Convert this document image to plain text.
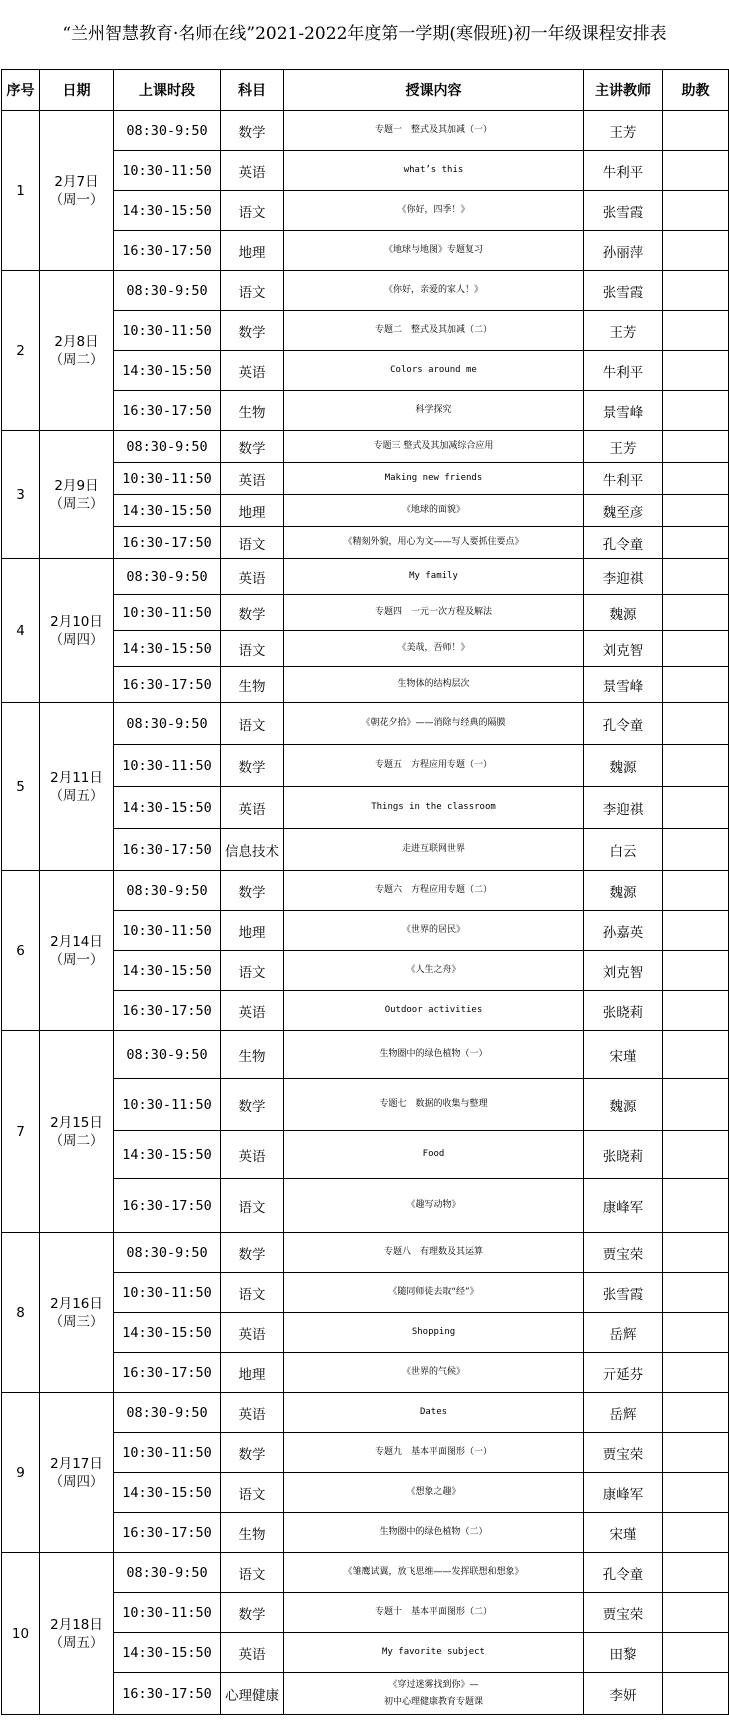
“兰州智慧教育·名师在线”2021-2022年度第一学期(寒假班)初一年级课程安排表
序号	日期	上课时段	科目	授课内容	主讲教师	助教
1	2月7日
（周一）	08:30-9:50	数学	专题一　整式及其加减（一）	王芳	
		10:30-11:50	英语	what’s this	牛利平	
		14:30-15:50	语文	《你好，四季！》	张雪霞	
		16:30-17:50	地理	《地球与地图》专题复习	孙丽萍	
2	2月8日
（周二）	08:30-9:50	语文	《你好，亲爱的家人！》	张雪霞	
		10:30-11:50	数学	专题二　整式及其加减（二）	王芳	
		14:30-15:50	英语	Colors around me	牛利平	
		16:30-17:50	生物	科学探究	景雪峰	
3	2月9日
（周三）	08:30-9:50	数学	专题三 整式及其加减综合应用	王芳	
		10:30-11:50	英语	Making new friends	牛利平	
		14:30-15:50	地理	《地球的面貌》	魏至彦	
		16:30-17:50	语文	《精刻外貌，用心为文——写人要抓住要点》	孔令童	
4	2月10日
（周四）	08:30-9:50	英语	My family	李迎祺	
		10:30-11:50	数学	专题四　一元一次方程及解法	魏源	
		14:30-15:50	语文	《美哉，吾师！》	刘克智	
		16:30-17:50	生物	生物体的结构层次	景雪峰	
5	2月11日
（周五）	08:30-9:50	语文	《朝花夕拾》——消除与经典的隔膜	孔令童	
		10:30-11:50	数学	专题五　方程应用专题（一）	魏源	
		14:30-15:50	英语	Things in the classroom	李迎祺	
		16:30-17:50	信息技术	走进互联网世界	白云	
6	2月14日
（周一）	08:30-9:50	数学	专题六　方程应用专题（二）	魏源	
		10:30-11:50	地理	《世界的居民》	孙嘉英	
		14:30-15:50	语文	《人生之舟》	刘克智	
		16:30-17:50	英语	Outdoor activities	张晓莉	
7	2月15日
（周二）	08:30-9:50	生物	生物圈中的绿色植物（一）	宋瑾	
		10:30-11:50	数学	专题七　数据的收集与整理	魏源	
		14:30-15:50	英语	Food	张晓莉	
		16:30-17:50	语文	《趣写动物》	康峰军	
8	2月16日
（周三）	08:30-9:50	数学	专题八　有理数及其运算	贾宝荣	
		10:30-11:50	语文	《随同师徒去取“经”》	张雪霞	
		14:30-15:50	英语	Shopping	岳辉	
		16:30-17:50	地理	《世界的气候》	亓延芬	
9	2月17日
（周四）	08:30-9:50	英语	Dates	岳辉	
		10:30-11:50	数学	专题九　基本平面图形（一）	贾宝荣	
		14:30-15:50	语文	《想象之趣》	康峰军	
		16:30-17:50	生物	生物圈中的绿色植物（二）	宋瑾	
10	2月18日
（周五）	08:30-9:50	语文	《雏鹰试翼，放飞思维——发挥联想和想象》	孔令童	
		10:30-11:50	数学	专题十　基本平面图形（二）	贾宝荣	
		14:30-15:50	英语	My favorite subject	田黎	
		16:30-17:50	心理健康	《穿过迷雾找到你》—
初中心理健康教育专题课	李妍	
